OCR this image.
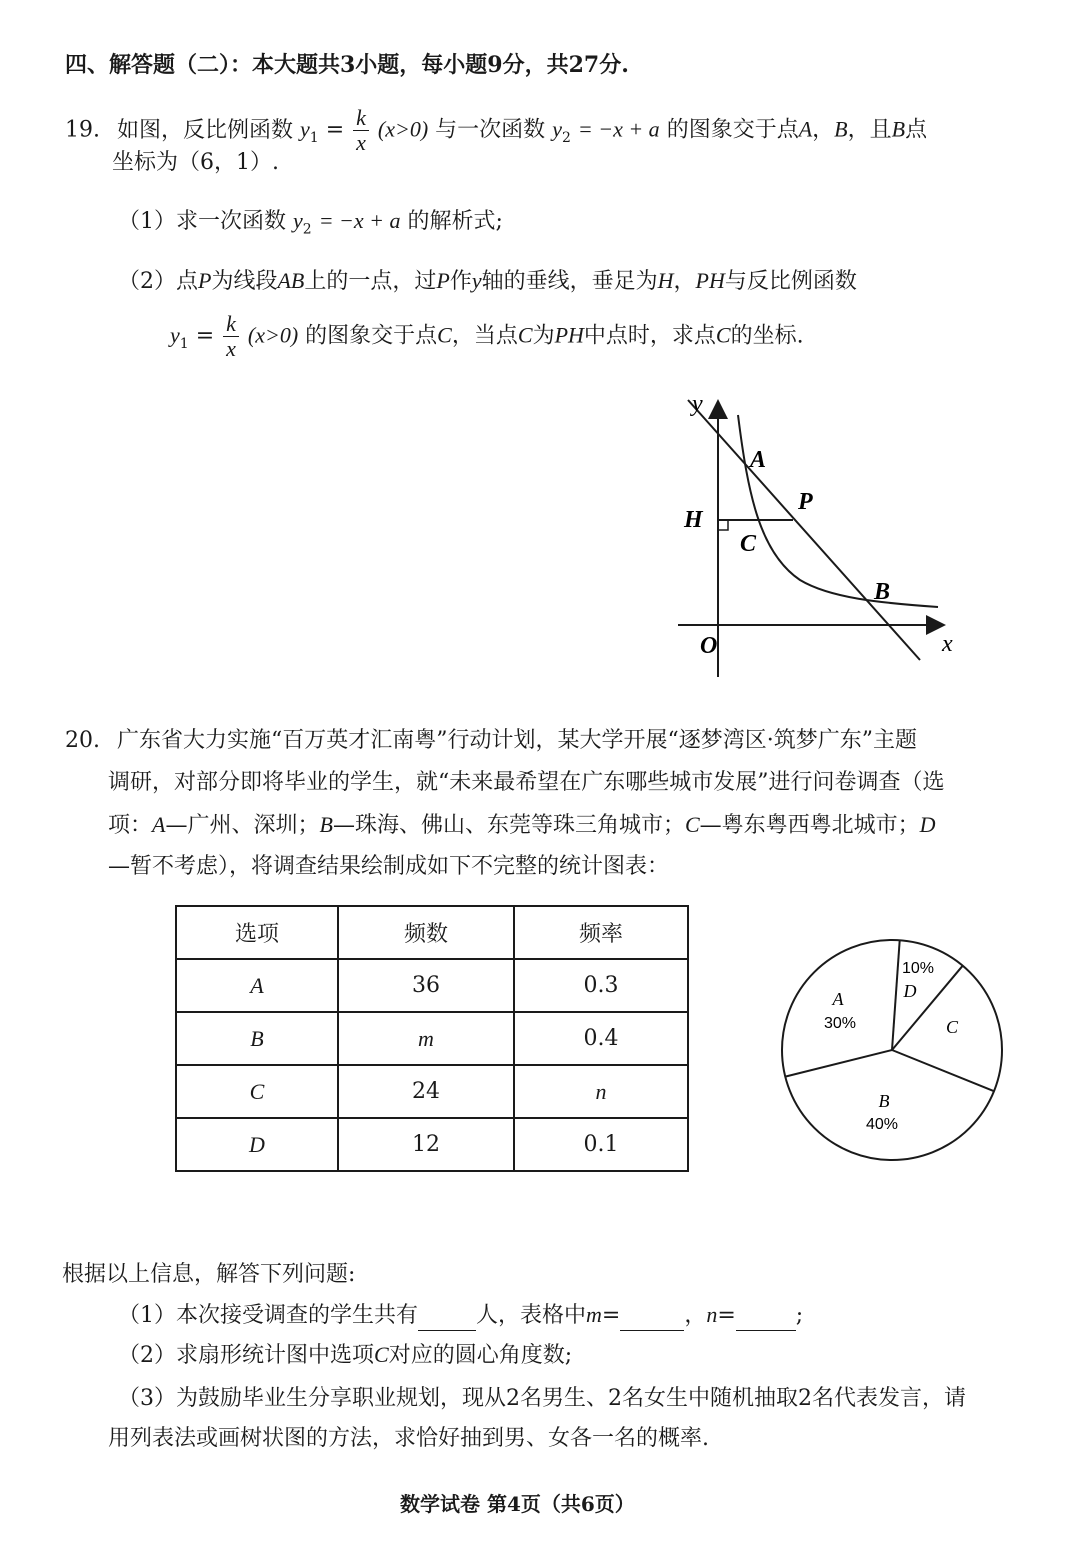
四、解答题（二）：本大题共3小题，每小题9分，共27分.
19. 如图，反比例函数 $y_1 = \frac{k}{x} (x>0)$ 与一次函数 $y_2 = -x + a$ 的图象交于点A，B，且B点
坐标为（6，1）.
（1）求一次函数 $y_2 = -x + a$ 的解析式;
（2）点P为线段AB上的一点，过P作y轴的垂线，垂足为H，PH与反比例函数
$y_1 = \frac{k}{x} (x>0)$ 的图象交于点C，当点C为PH中点时，求点C的坐标.
y
x
O
A
P
H
C
B
20. 广东省大力实施“百万英才汇南粤”行动计划，某大学开展“逐梦湾区·筑梦广东”主题
调研，对部分即将毕业的学生，就“未来最希望在广东哪些城市发展”进行问卷调查（选
项：A—广州、深圳；B—珠海、佛山、东莞等珠三角城市；C—粤东粤西粤北城市；D
—暂不考虑），将调查结果绘制成如下不完整的统计图表：
选项	频数	频率
A	36	0.3
B	m	0.4
C	24	n
D	12	0.1
A
30%
B
40%
C
10%
D
根据以上信息，解答下列问题:
（1）本次接受调查的学生共有	人，表格中m=	，n=	;
（2）求扇形统计图中选项C对应的圆心角度数;
（3）为鼓励毕业生分享职业规划，现从2名男生、2名女生中随机抽取2名代表发言，请
用列表法或画树状图的方法，求恰好抽到男、女各一名的概率.
数学试卷 第4页（共6页）
